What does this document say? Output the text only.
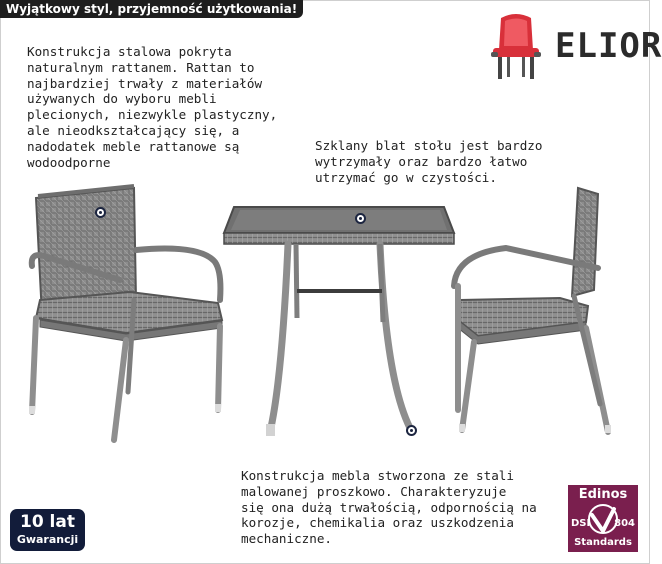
Wyjątkowy styl, przyjemność użytkowania!
ELIOR
Konstrukcja stalowa pokryta
naturalnym rattanem. Rattan to
najbardziej trwały z materiałów
używanych do wyboru mebli
plecionych, niezwykle plastyczny,
ale nieodkształcający się, a
nadodatek meble rattanowe są
wodoodporne
Szklany blat stołu jest bardzo
wytrzymały oraz bardzo łatwo
utrzymać go w czystości.
Konstrukcja mebla stworzona ze stali
malowanej proszkowo. Charakteryzuje
się ona dużą trwałością, odpornością na
korozje, chemikalia oraz uszkodzenia
mechaniczne.
10 lat
Gwarancji
Edinos
DSI 804
Standards
